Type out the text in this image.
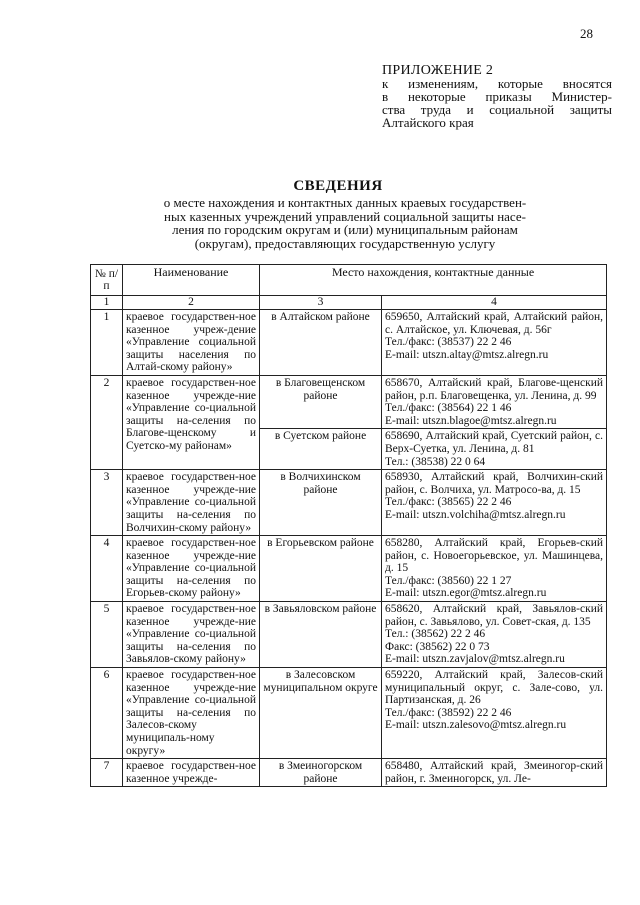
28
ПРИЛОЖЕНИЕ 2
к изменениям, которые вносятся
в некоторые приказы Министер-
ства труда и социальной защиты
Алтайского края
СВЕДЕНИЯ
о месте нахождения и контактных данных краевых государствен-
ных казенных учреждений управлений социальной защиты насе-
ления по городским округам и (или) муниципальным районам
(округам), предоставляющих государственную услугу
№ п/п	Наименование	Место нахождения, контактные данные	
1	2	3	4
1	краевое государствен-ное казенное учреж-дение «Управление социальной защиты населения по Алтай-скому району»	в Алтайском районе	659650, Алтайский край, Алтайский район, с. Алтайское, ул. Ключевая, д. 56г
Тел./факс: (38537) 22 2 46
E-mail: utszn.altay@mtsz.alregn.ru

2	краевое государствен-ное казенное учрежде-ние «Управление со-циальной защиты на-селения по Благове-щенскому и Суетско-му районам»	в Благовещенском районе	658670, Алтайский край, Благове-щенский район, р.п. Благовещенка, ул. Ленина, д. 99
Тел./факс: (38564) 22 1 46
E-mail: utszn.blagoe@mtsz.alregn.ru

		в Суетском районе	658690, Алтайский край, Суетский район, с. Верх-Суетка, ул. Ленина, д. 81
Тел.: (38538) 22 0 64

3	краевое государствен-ное казенное учрежде-ние «Управление со-циальной защиты на-селения по Волчихин-скому району»	в Волчихинском районе	658930, Алтайский край, Волчихин-ский район, с. Волчиха, ул. Матросо-ва, д. 15
Тел./факс: (38565) 22 2 46
E-mail: utszn.volchiha@mtsz.alregn.ru

4	краевое государствен-ное казенное учрежде-ние «Управление со-циальной защиты на-селения по Егорьев-скому району»	в Егорьевском районе	658280, Алтайский край, Егорьев-ский район, с. Новоегорьевское, ул. Машинцева, д. 15
Тел./факс: (38560) 22 1 27
E-mail: utszn.egor@mtsz.alregn.ru

5	краевое государствен-ное казенное учрежде-ние «Управление со-циальной защиты на-селения по Завьялов-скому району»	в Завьяловском районе	658620, Алтайский край, Завьялов-ский район, с. Завьялово, ул. Совет-ская, д. 135
Тел.: (38562) 22 2 46
Факс: (38562) 22 0 73
E-mail: utszn.zavjalov@mtsz.alregn.ru

6	краевое государствен-ное казенное учрежде-ние «Управление со-циальной защиты на-селения по Залесов-скому муниципаль-ному округу»	в Залесовском муниципальном округе	659220, Алтайский край, Залесов-ский муниципальный округ, с. Зале-сово, ул. Партизанская, д. 26
Тел./факс: (38592) 22 2 46
E-mail: utszn.zalesovo@mtsz.alregn.ru

7	краевое государствен-ное казенное учрежде-	в Змеиногорском районе	658480, Алтайский край, Змеиногор-ский район, г. Змеиногорск, ул. Ле-
